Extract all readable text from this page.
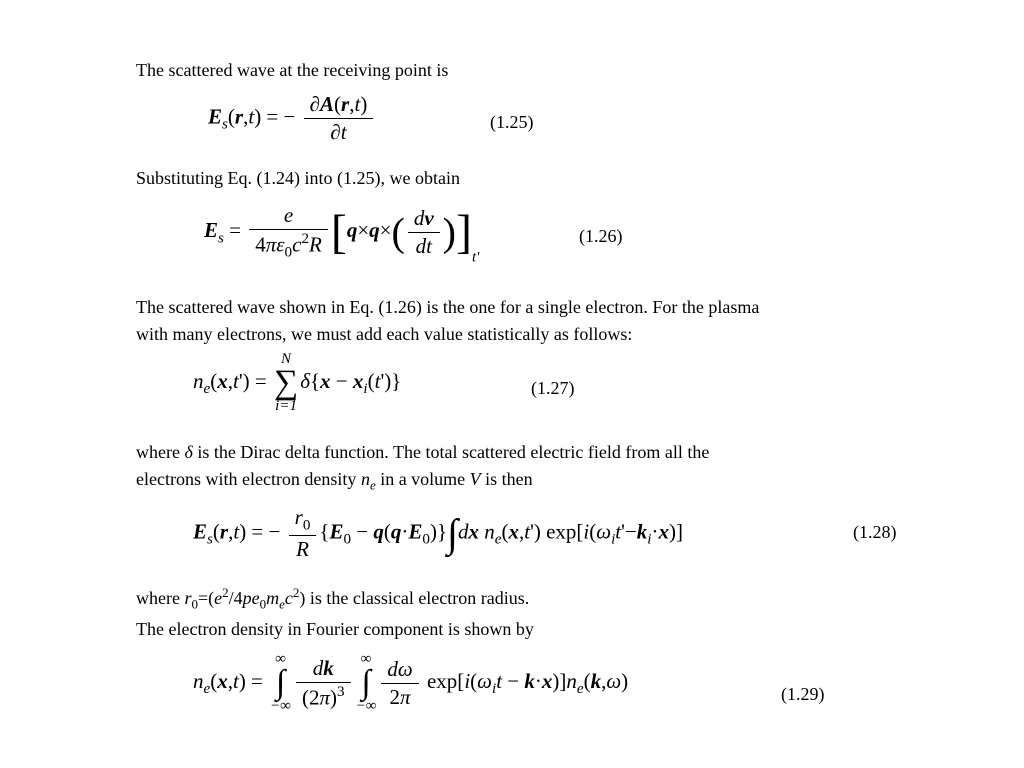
The scattered wave at the receiving point is
$E_s(r,t)$ = − $\frac{\partial A(r,t)}{\partial t}$	(1.25)
Substituting Eq. (1.24) into (1.25), we obtain
$E_s = \frac{e}{4\pi\varepsilon_0c^2R} [q\times q\times( \frac{dv}{dt} )]_{t'}$
(1.26)
The scattered wave shown in Eq. (1.26) is the one for a single electron. For the plasma
with many electrons, we must add each value statistically as follows:
$n_e(x,t')$ =
N
∑
i=1
$\delta\{x - x_i(t')\}$	(1.27)
where δ is the Dirac delta function. The total scattered electric field from all the
electrons with electron density $n_e$ in a volume V is then
$E_s(r,t)$ = − $\frac{r_0}{R} \{E_0 - q(q\cdot E_0)\}\int dx$ $n_e(x,t')$ $\exp[i(\omega_it'-k_i\cdot x)]$	(1.28)
where $r_0=(e^2/4pe_0m_ec^2)$ is the classical electron radius.
The electron density in Fourier component is shown by
$n_e(x,t)$ =
∞
∫
−∞ $\frac{dk}{(2\pi)^3}$ ∞
∫
−∞ $\frac{d\omega}{2\pi} \exp[i(\omega_it - k\cdot x)]n_e(k,\omega)$
(1.29)
